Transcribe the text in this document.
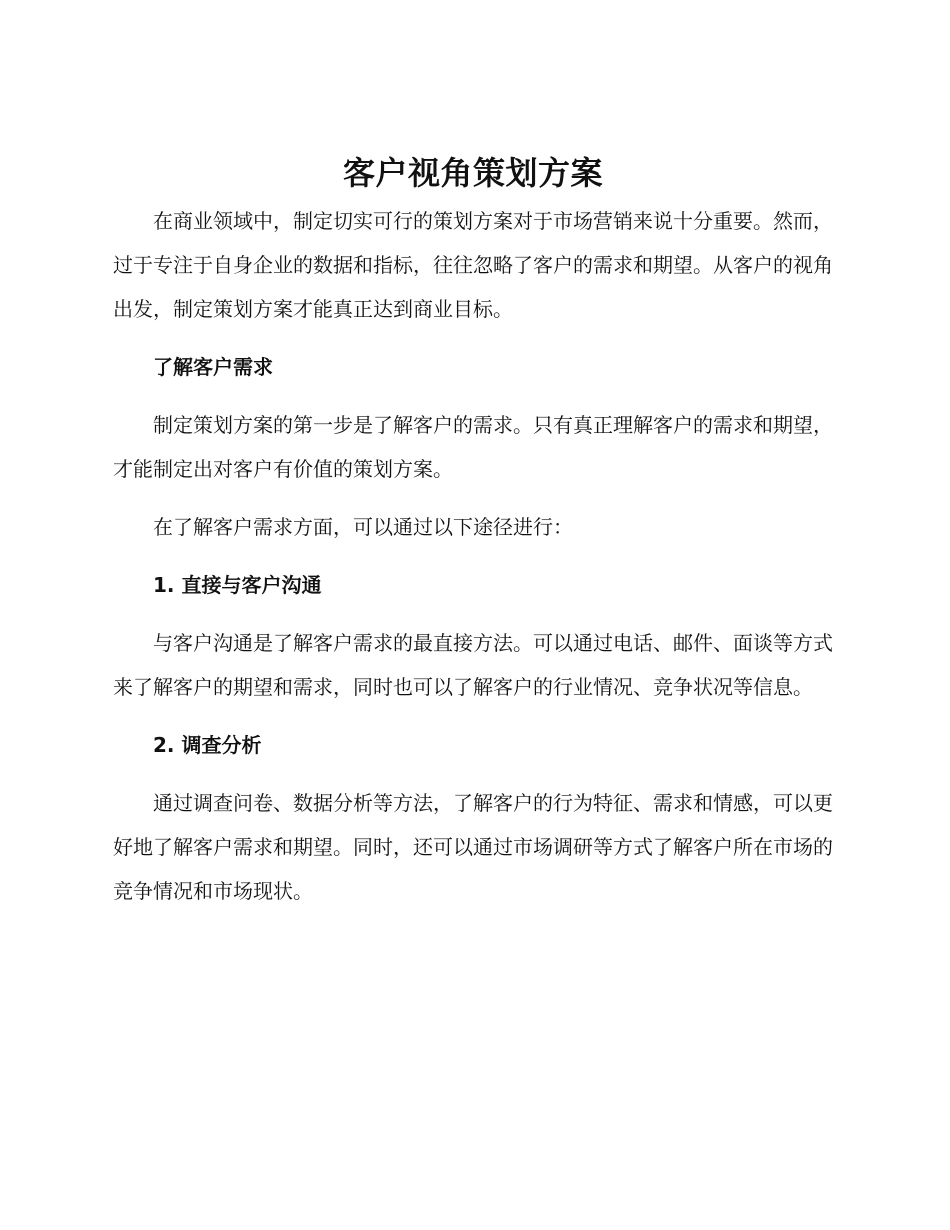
客户视角策划方案

在商业领域中，制定切实可行的策划方案对于市场营销来说十分重要。然而，过于专注于自身企业的数据和指标，往往忽略了客户的需求和期望。从客户的视角出发，制定策划方案才能真正达到商业目标。

了解客户需求

制定策划方案的第一步是了解客户的需求。只有真正理解客户的需求和期望，才能制定出对客户有价值的策划方案。

在了解客户需求方面，可以通过以下途径进行：

1. 直接与客户沟通

与客户沟通是了解客户需求的最直接方法。可以通过电话、邮件、面谈等方式来了解客户的期望和需求，同时也可以了解客户的行业情况、竞争状况等信息。

2. 调查分析

通过调查问卷、数据分析等方法，了解客户的行为特征、需求和情感，可以更好地了解客户需求和期望。同时，还可以通过市场调研等方式了解客户所在市场的竞争情况和市场现状。
